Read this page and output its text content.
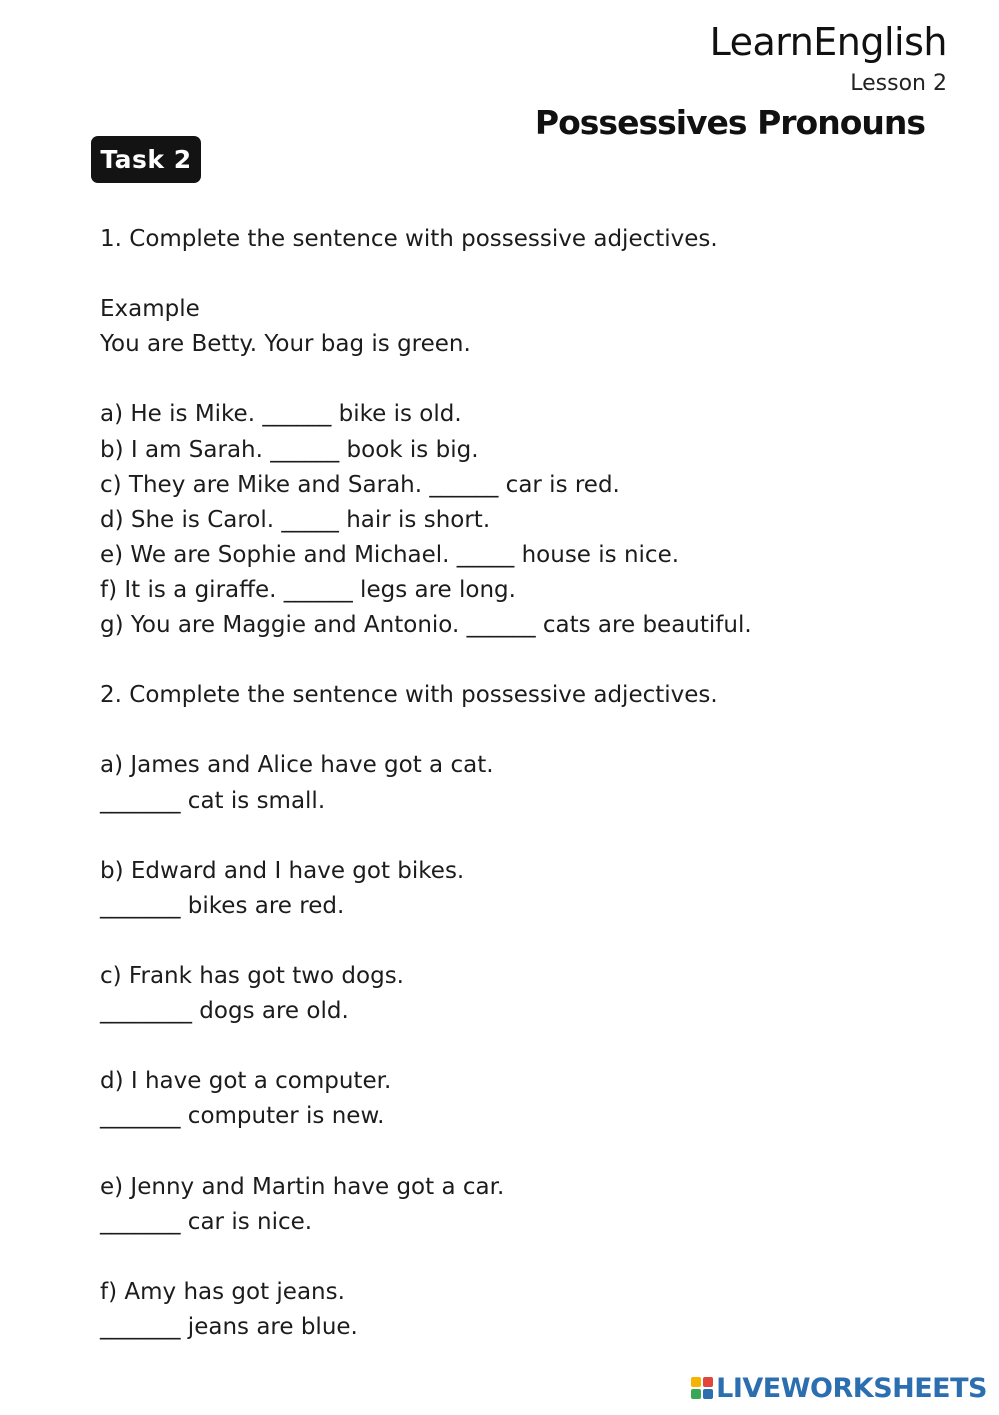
LearnEnglish
Lesson 2
Possessives Pronouns
Task 2
1. Complete the sentence with possessive adjectives.
Example
You are Betty. Your bag is green.
a) He is Mike. ______ bike is old.
b) I am Sarah. ______ book is big.
c) They are Mike and Sarah. ______ car is red.
d) She is Carol. _____ hair is short.
e) We are Sophie and Michael. _____ house is nice.
f) It is a giraffe. ______ legs are long.
g) You are Maggie and Antonio. ______ cats are beautiful.
2. Complete the sentence with possessive adjectives.
a) James and Alice have got a cat.
_______ cat is small.
b) Edward and I have got bikes.
_______ bikes are red.
c) Frank has got two dogs.
________ dogs are old.
d) I have got a computer.
_______ computer is new.
e) Jenny and Martin have got a car.
_______ car is nice.
f) Amy has got jeans.
_______ jeans are blue.
LIVEWORKSHEETS
